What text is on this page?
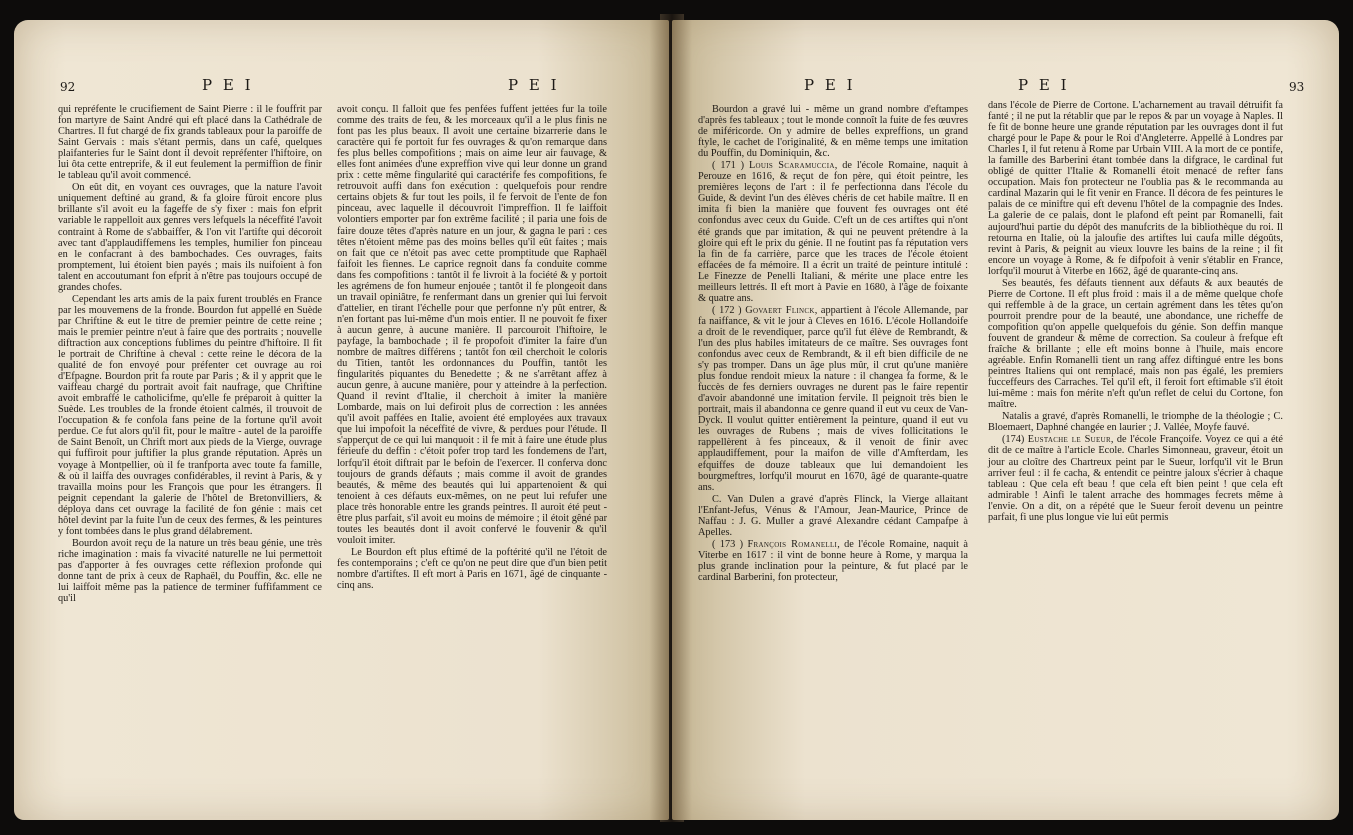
92	P E I	P E I

qui repréfente le crucifiement de Saint Pierre : il le fouffrit par fon martyre de Saint André qui eft placé dans la Cathédrale de Chartres. Il fut chargé de fix grands tableaux pour la paroiffe de Saint Gervais : mais s'étant permis, dans un café, quelques plaifanteries fur le Saint dont il devoit repréfenter l'hiftoire, on lui ôta cette entreprife, & il eut feulement la permiffion de finir le tableau qu'il avoit commencé.

On eût dit, en voyant ces ouvrages, que la nature l'avoit uniquement deftiné au grand, & fa gloire fûroit encore plus brillante s'il avoit eu la fageffe de s'y fixer : mais fon efprit variable le rappelloit aux genres vers lefquels la néceffité l'avoit contraint à Rome de s'abbaiffer, & l'on vit l'artifte qui décoroit avec tant d'applaudiffemens les temples, humilier fon pinceau en le confacrant à des bambochades. Ces ouvrages, faits promptement, lui étoient bien payés ; mais ils nuifoient à fon talent en accoutumant fon efprit à n'être pas toujours occupé de grandes chofes.

Cependant les arts amis de la paix furent troublés en France par les mouvemens de la fronde. Bourdon fut appellé en Suède par Chriftine & eut le titre de premier peintre de cette reine ; mais le premier peintre n'eut à faire que des portraits ; nouvelle diftraction aux conceptions fublimes du peintre d'hiftoire. Il fit le portrait de Chriftine à cheval : cette reine le décora de la qualité de fon envoyé pour préfenter cet ouvrage au roi d'Efpagne. Bourdon prit fa route par Paris ; & il y apprit que le vaiffeau chargé du portrait avoit fait naufrage, que Chriftine avoit embraffé le catholicifme, qu'elle fe préparoit à quitter la Suède. Les troubles de la fronde étoient calmés, il trouvoit de l'occupation & fe confola fans peine de la fortune qu'il avoit perdue. Ce fut alors qu'il fit, pour le maître - autel de la paroiffe de Saint Benoît, un Chrift mort aux pieds de la Vierge, ouvrage qui fuffiroit pour juftifier la plus grande réputation. Après un voyage à Montpellier, où il fe tranfporta avec toute fa famille, & où il laiffa des ouvrages confidérables, il revint à Paris, & y travailla moins pour les François que pour les étrangers. Il peignit cependant la galerie de l'hôtel de Bretonvilliers, & déploya dans cet ouvrage la facilité de fon génie : mais cet hôtel devint par la fuite l'un de ceux des fermes, & les peintures y font tombées dans le plus grand délabrement.

Bourdon avoit reçu de la nature un très beau génie, une très riche imagination : mais fa vivacité naturelle ne lui permettoit pas d'apporter à fes ouvrages cette réflexion profonde qui donne tant de prix à ceux de Raphaël, du Pouffin, &c. elle ne lui laiffoit même pas la patience de terminer fuffifamment ce qu'il

avoit conçu. Il falloit que fes penfées fuffent jettées fur la toile comme des traits de feu, & les morceaux qu'il a le plus finis ne font pas les plus beaux. Il avoit une certaine bizarrerie dans le caractère qui fe portoit fur fes ouvrages & qu'on remarque dans fes plus belles compofitions ; mais on aime leur air fauvage, & elles font animées d'une expreffion vive qui leur donne un grand prix : cette même fingularité qui caractérife fes compofitions, fe retrouvoit auffi dans fon exécution : quelquefois pour rendre certains objets & fur tout les poils, il fe fervoit de l'ente de fon pinceau, avec laquelle il découvroit l'impreffion. Il fe laiffoit volontiers emporter par fon extrême facilité ; il paria une fois de faire douze têtes d'après nature en un jour, & gagna le pari : ces têtes n'étoient même pas des moins belles qu'il eût faites ; mais on fait que ce n'étoit pas avec cette promptitude que Raphaël faifoit les fiennes. Le caprice regnoit dans fa conduite comme dans fes compofitions : tantôt il fe livroit à la fociété & y portoit les agrémens de fon humeur enjouée ; tantôt il fe plongeoit dans un travail opiniâtre, fe renfermant dans un grenier qui lui fervoit d'attelier, en tirant l'échelle pour que perfonne n'y pût entrer, & n'en fortant pas lui-même d'un mois entier. Il ne pouvoit fe fixer à aucun genre, à aucune manière. Il parcouroit l'hiftoire, le payfage, la bambochade ; il fe propofoit d'imiter la faire d'un nombre de maîtres différens ; tantôt fon œil cherchoit le coloris du Titien, tantôt les ordonnances du Pouffin, tantôt les fingularités piquantes du Benedette ; & ne s'arrêtant affez à aucun genre, à aucune manière, pour y atteindre à la perfection. Quand il revint d'Italie, il cherchoit à imiter la manière Lombarde, mais on lui defiroit plus de correction : les années qu'il avoit paffées en Italie, avoient été employées aux travaux que lui impofoit la néceffité de vivre, & perdues pour l'étude. Il s'apperçut de ce qui lui manquoit : il fe mit à faire une étude plus férieufe du deffin : c'étoit pofer trop tard les fondemens de l'art, lorfqu'il étoit diftrait par le befoin de l'exercer. Il conferva donc toujours de grands défauts ; mais comme il avoit de grandes beautés, & même des beautés qui lui appartenoient & qui tenoient à ces défauts eux-mêmes, on ne peut lui refufer une place très honorable entre les grands peintres. Il auroit été peut - être plus parfait, s'il avoit eu moins de mémoire ; il étoit gêné par toutes les beautés dont il avoit confervé le fouvenir & qu'il vouloit imiter.

Le Bourdon eft plus eftimé de la poftérité qu'il ne l'étoit de fes contemporains ; c'eft ce qu'on ne peut dire que d'un bien petit nombre d'artiftes. Il eft mort à Paris en 1671, âgé de cinquante - cinq ans.

P E I	P E I	93

Bourdon a gravé lui - même un grand nombre d'eftampes d'après fes tableaux ; tout le monde connoît la fuite de fes œuvres de miféricorde. On y admire de belles expreffions, un grand ftyle, le cachet de l'originalité, & en même temps une imitation du Pouffin, du Dominiquin, &c.

( 171 ) Louis Scaramuccia, de l'école Romaine, naquit à Perouze en 1616, & reçut de fon père, qui étoit peintre, les premières leçons de l'art : il fe perfectionna dans l'école du Guide, & devint l'un des élèves chéris de cet habile maître. Il en imita fi bien la manière que fouvent fes ouvrages ont été confondus avec ceux du Guide. C'eft un de ces artiftes qui n'ont été grands que par imitation, & qui ne peuvent prétendre à la gloire qui eft le prix du génie. Il ne foutint pas fa réputation vers la fin de fa carrière, parce que les traces de l'école étoient effacées de fa mémoire. Il a écrit un traité de peinture intitulé : Le Finezze de Penelli Italiani, & mérite une place entre les meilleurs lettrés. Il eft mort à Pavie en 1680, à l'âge de foixante & quatre ans.

( 172 ) Govaert Flinck, appartient à l'école Allemande, par fa naiffance, & vit le jour à Cleves en 1616. L'école Hollandoife a droit de le revendiquer, parce qu'il fut élève de Rembrandt, & l'un des plus habiles imitateurs de ce maître. Ses ouvrages font confondus avec ceux de Rembrandt, & il eft bien difficile de ne s'y pas tromper. Dans un âge plus mûr, il crut qu'une manière plus fondue rendoit mieux la nature : il changea fa forme, & le fuccès de fes derniers ouvrages ne durent pas le faire repentir d'avoir abandonné une imitation fervile. Il peignoit très bien le portrait, mais il abandonna ce genre quand il eut vu ceux de Van-Dyck. Il voulut quitter entièrement la peinture, quand il eut vu les ouvrages de Rubens ; mais de vives follicitations le rappellèrent à fes pinceaux, & il venoit de finir avec applaudiffement, pour la maifon de ville d'Amfterdam, les efquiffes de douze tableaux que lui demandoient les bourgmeftres, lorfqu'il mourut en 1670, âgé de quarante-quatre ans.

C. Van Dulen a gravé d'après Flinck, la Vierge allaitant l'Enfant-Jefus, Vénus & l'Amour, Jean-Maurice, Prince de Naffau : J. G. Muller a gravé Alexandre cédant Campafpe à Apelles.

( 173 ) François Romanelli, de l'école Romaine, naquit à Viterbe en 1617 : il vint de bonne heure à Rome, y marqua la plus grande inclination pour la peinture, & fut placé par le cardinal Barberini, fon protecteur,

dans l'école de Pierre de Cortone. L'acharnement au travail détruifit fa fanté ; il ne put la rétablir que par le repos & par un voyage à Naples. Il fe fit de bonne heure une grande réputation par les ouvrages dont il fut chargé pour le Pape & pour le Roi d'Angleterre. Appellé à Londres par Charles I, il fut retenu à Rome par Urbain VIII. A la mort de ce pontife, la famille des Barberini étant tombée dans la difgrace, le cardinal fut obligé de quitter l'Italie & Romanelli étoit menacé de refter fans occupation. Mais fon protecteur ne l'oublia pas & le recommanda au cardinal Mazarin qui le fit venir en France. Il décora de fes peintures le palais de ce miniftre qui eft devenu l'hôtel de la compagnie des Indes. La galerie de ce palais, dont le plafond eft peint par Romanelli, fait aujourd'hui partie du dépôt des manufcrits de la bibliothèque du roi. Il retourna en Italie, où la jaloufie des artiftes lui caufa mille dégoûts, revint à Paris, & peignit au vieux louvre les bains de la reine ; il fit encore un voyage à Rome, & fe difpofoit à venir s'établir en France, lorfqu'il mourut à Viterbe en 1662, âgé de quarante-cinq ans.

Ses beautés, fes défauts tiennent aux défauts & aux beautés de Pierre de Cortone. Il eft plus froid : mais il a de même quelque chofe qui reffemble à de la grace, un certain agrément dans les têtes qu'on pourroit prendre pour de la beauté, une abondance, une richeffe de compofition qu'on appelle quelquefois du génie. Son deffin manque fouvent de grandeur & même de correction. Sa couleur à frefque eft fraîche & brillante ; elle eft moins bonne à l'huile, mais encore agréable. Enfin Romanelli tient un rang affez diftingué entre les bons peintres Italiens qui ont remplacé, mais non pas égalé, les premiers fucceffeurs des Carraches. Tel qu'il eft, il feroit fort eftimable s'il étoit lui-même : mais fon mérite n'eft qu'un reflet de celui du Cortone, fon maître.

Natalis a gravé, d'après Romanelli, le triomphe de la théologie ; C. Bloemaert, Daphné changée en laurier ; J. Vallée, Moyfe fauvé.

(174) Eustache le Sueur, de l'école Françoife. Voyez ce qui a été dit de ce maître à l'article Ecole. Charles Simonneau, graveur, étoit un jour au cloître des Chartreux peint par le Sueur, lorfqu'il vit le Brun arriver feul : il fe cacha, & entendit ce peintre jaloux s'écrier à chaque tableau : Que cela eft beau ! que cela eft bien peint ! que cela eft admirable ! Ainfi le talent arrache des hommages fecrets même à l'envie. On a dit, on a répété que le Sueur feroit devenu un peintre parfait, fi une plus longue vie lui eût permis
